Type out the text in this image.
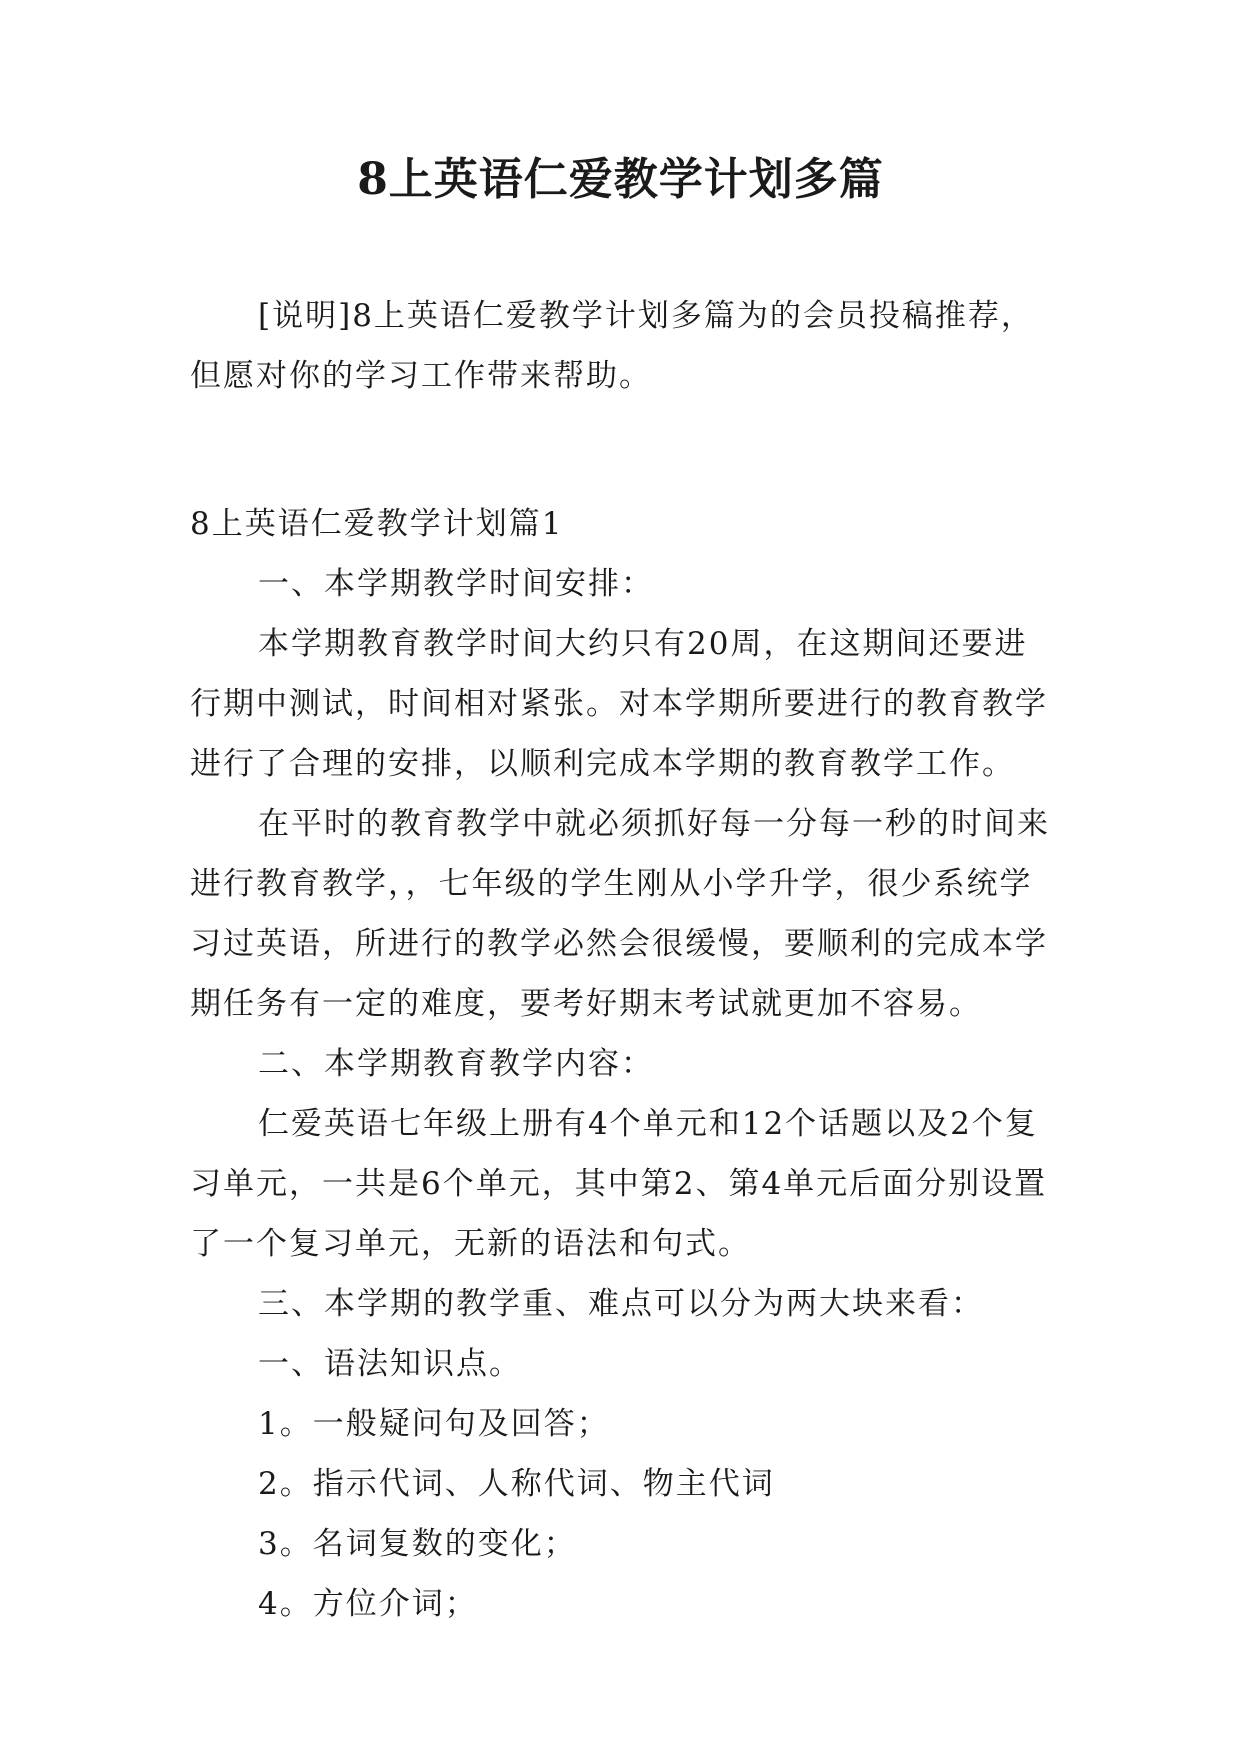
8上英语仁爱教学计划多篇

[说明]8上英语仁爱教学计划多篇为的会员投稿推荐，但愿对你的学习工作带来帮助。

8上英语仁爱教学计划篇1

一、本学期教学时间安排：

本学期教育教学时间大约只有20周，在这期间还要进行期中测试，时间相对紧张。对本学期所要进行的教育教学进行了合理的安排，以顺利完成本学期的教育教学工作。

在平时的教育教学中就必须抓好每一分每一秒的时间来进行教育教学，，七年级的学生刚从小学升学，很少系统学习过英语，所进行的教学必然会很缓慢，要顺利的完成本学期任务有一定的难度，要考好期末考试就更加不容易。

二、本学期教育教学内容：

仁爱英语七年级上册有4个单元和12个话题以及2个复习单元，一共是6个单元，其中第2、第4单元后面分别设置了一个复习单元，无新的语法和句式。

三、本学期的教学重、难点可以分为两大块来看：

一、语法知识点。

1。一般疑问句及回答；

2。指示代词、人称代词、物主代词

3。名词复数的变化；

4。方位介词；
